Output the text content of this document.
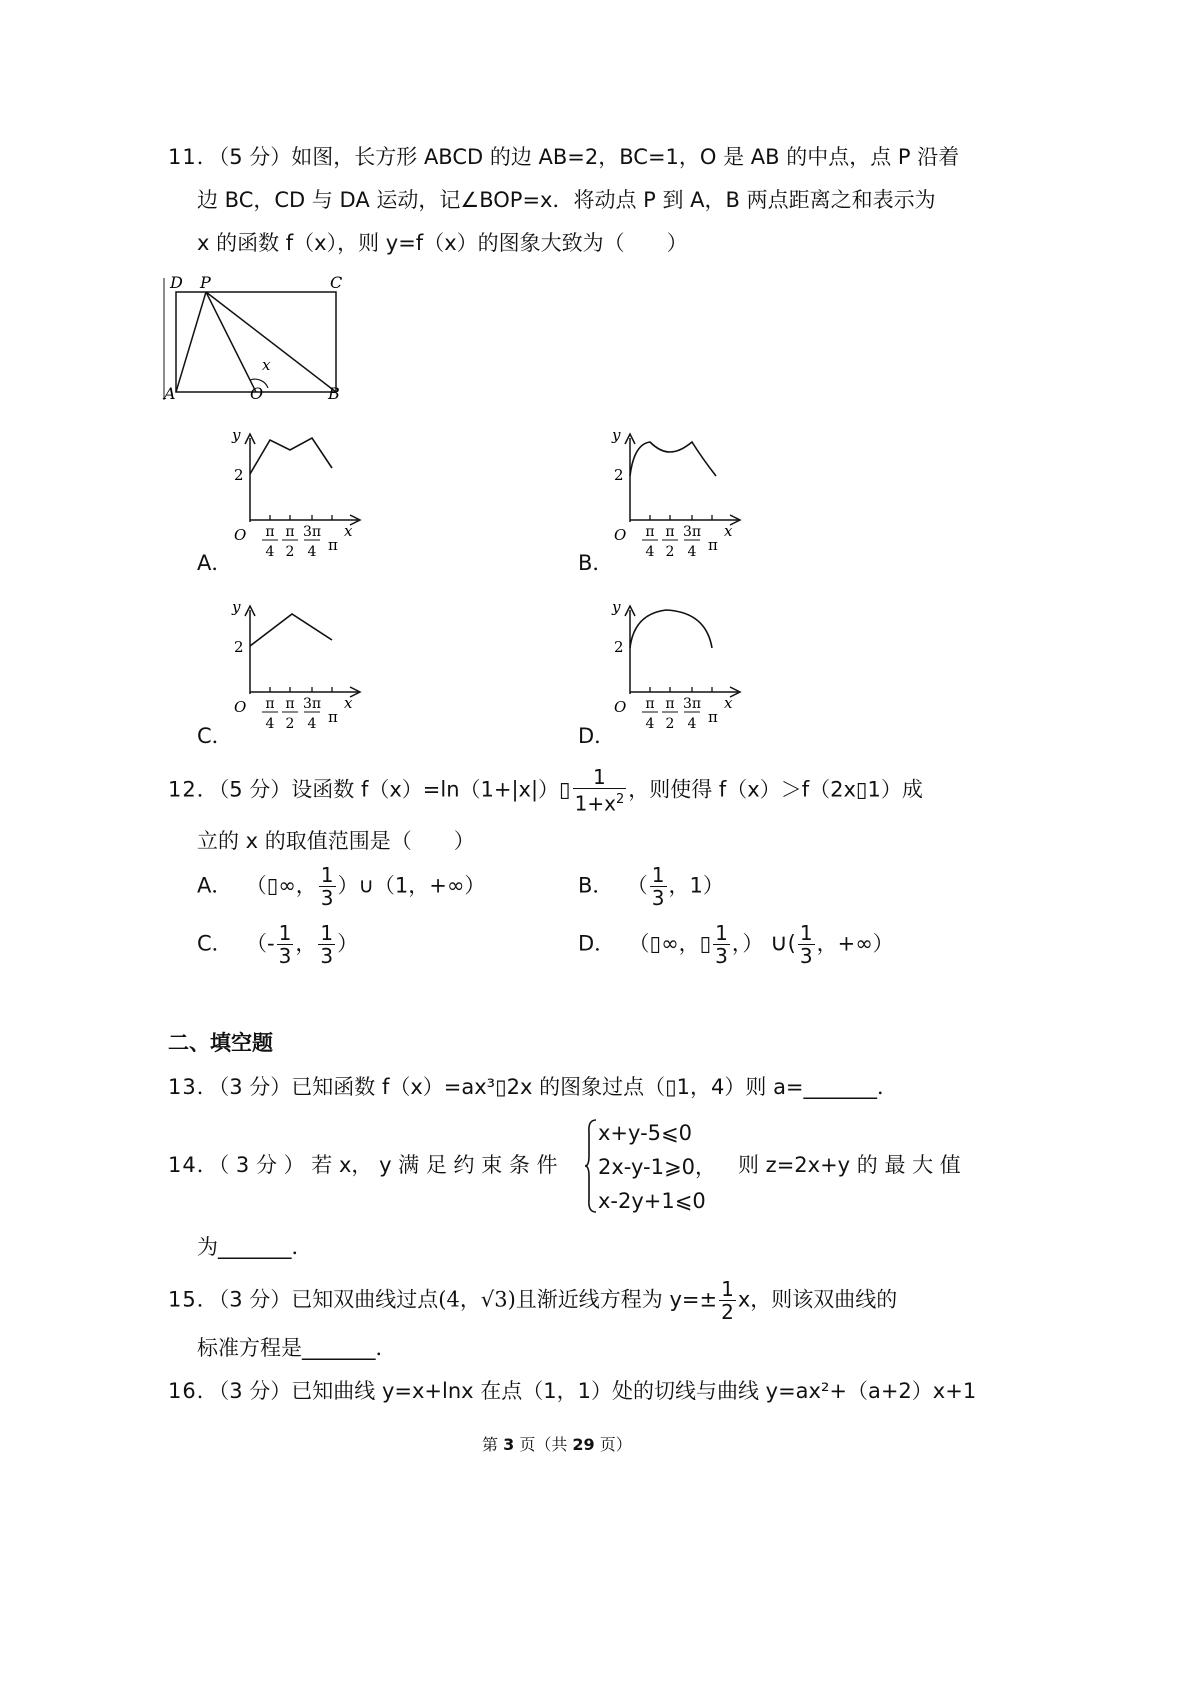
11．（5 分）如图，长方形 ABCD 的边 AB=2，BC=1，O 是 AB 的中点，点 P 沿着
边 BC，CD 与 DA 运动，记∠BOP=x．将动点 P 到 A，B 两点距离之和表示为
x 的函数 f（x），则 y=f（x）的图象大致为（　　）
D P	C
A	O	B
x
A．	B．
C．	D．
y
x
O
2
π
4
π
2
3π
4 π
y
x
O
2
π
4
π
2
3π
4 π
y
x
O
2
π
4
π
2
3π
4 π
y
x
O
2
π
4
π
2
3π
4 π
12．（5 分）设函数 f（x）=ln（1+|x|）▯ $\frac{1}{1+x^2}$ ，则使得 f（x）＞f（2x▯1）成
立的 x 的取值范围是（　　）
A． （▯∞， $\frac{1}{3}$ ）∪（1，+∞）	B． （ $\frac{1}{3}$ ，1）
C． （- $\frac{1}{3}$ ， $\frac{1}{3}$ ）	D． （▯∞，▯ $\frac{1}{3}$ ，） ∪( $\frac{1}{3}$ ，+∞）
二、填空题
13．（3 分）已知函数 f（x）=ax³▯2x 的图象过点（▯1，4）则 a=_______．
14．（ 3 分 ） 若 x， y 满 足 约 束 条 件
x+y-5⩽0
2x-y-1⩾0，
x-2y+1⩽0
则 z=2x+y 的 最 大 值
为_______．
15．（3 分）已知双曲线过点(4，√3)且渐近线方程为 $y=\pm \frac{1}{2}$ x，则该双曲线的
标准方程是_______．
16．（3 分）已知曲线 y=x+lnx 在点（1，1）处的切线与曲线 y=ax²+（a+2）x+1
第 3 页（共 29 页）
